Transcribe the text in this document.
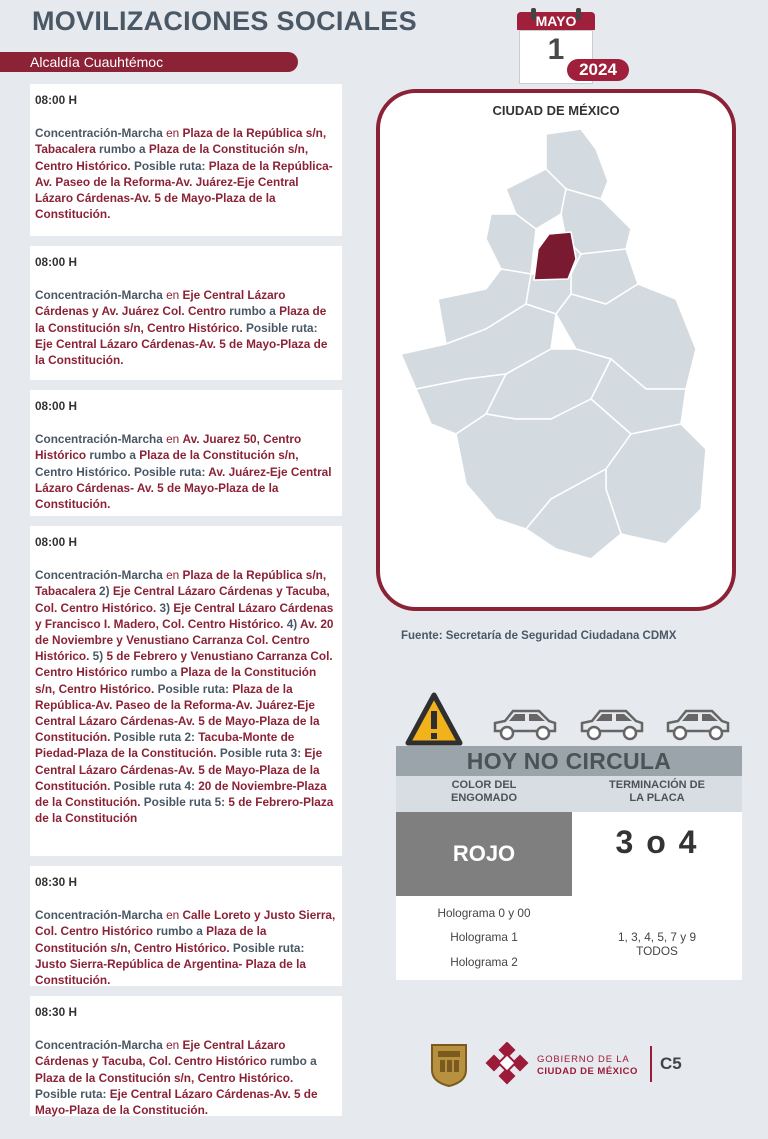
MOVILIZACIONES SOCIALES
Alcaldía Cuauhtémoc	1
MAYO
2024
08:00 H
Concentración-Marcha en Plaza de la República s/n, Tabacalera rumbo a Plaza de la Constitución s/n, Centro Histórico. Posible ruta: Plaza de la República-Av. Paseo de la Reforma-Av. Juárez-Eje Central Lázaro Cárdenas-Av. 5 de Mayo-Plaza de la Constitución.
08:00 H
Concentración-Marcha en Eje Central Lázaro Cárdenas y Av. Juárez Col. Centro rumbo a Plaza de la Constitución s/n, Centro Histórico. Posible ruta: Eje Central Lázaro Cárdenas-Av. 5 de Mayo-Plaza de la Constitución.
08:00 H
Concentración-Marcha en Av. Juarez 50, Centro Histórico rumbo a Plaza de la Constitución s/n, Centro Histórico. Posible ruta: Av. Juárez-Eje Central Lázaro Cárdenas- Av. 5 de Mayo-Plaza de la Constitución.
08:00 H
Concentración-Marcha en Plaza de la República s/n, Tabacalera 2) Eje Central Lázaro Cárdenas y Tacuba, Col. Centro Histórico. 3) Eje Central Lázaro Cárdenas y Francisco I. Madero, Col. Centro Histórico. 4) Av. 20 de Noviembre y Venustiano Carranza Col. Centro Histórico. 5) 5 de Febrero y Venustiano Carranza Col. Centro Histórico rumbo a Plaza de la Constitución s/n, Centro Histórico. Posible ruta: Plaza de la República-Av. Paseo de la Reforma-Av. Juárez-Eje Central Lázaro Cárdenas-Av. 5 de Mayo-Plaza de la Constitución. Posible ruta 2: Tacuba-Monte de Piedad-Plaza de la Constitución. Posible ruta 3: Eje Central Lázaro Cárdenas-Av. 5 de Mayo-Plaza de la Constitución. Posible ruta 4: 20 de Noviembre-Plaza de la Constitución. Posible ruta 5: 5 de Febrero-Plaza de la Constitución
08:30 H
Concentración-Marcha en Calle Loreto y Justo Sierra, Col. Centro Histórico rumbo a Plaza de la Constitución s/n, Centro Histórico. Posible ruta: Justo Sierra-República de Argentina- Plaza de la Constitución.
08:30 H
Concentración-Marcha en Eje Central Lázaro Cárdenas y Tacuba, Col. Centro Histórico rumbo a Plaza de la Constitución s/n, Centro Histórico. Posible ruta: Eje Central Lázaro Cárdenas-Av. 5 de Mayo-Plaza de la Constitución.
CIUDAD DE MÉXICO
Fuente: Secretaría de Seguridad Ciudadana CDMX
HOY NO CIRCULA
COLOR DEL
ENGOMADO
TERMINACIÓN DE
LA PLACA
ROJO	3 o 4
Holograma 0 y 00
Holograma 1
Holograma 2
1, 3, 4, 5, 7 y 9
TODOS
GOBIERNO DE LA
CIUDAD DE MÉXICO C5
